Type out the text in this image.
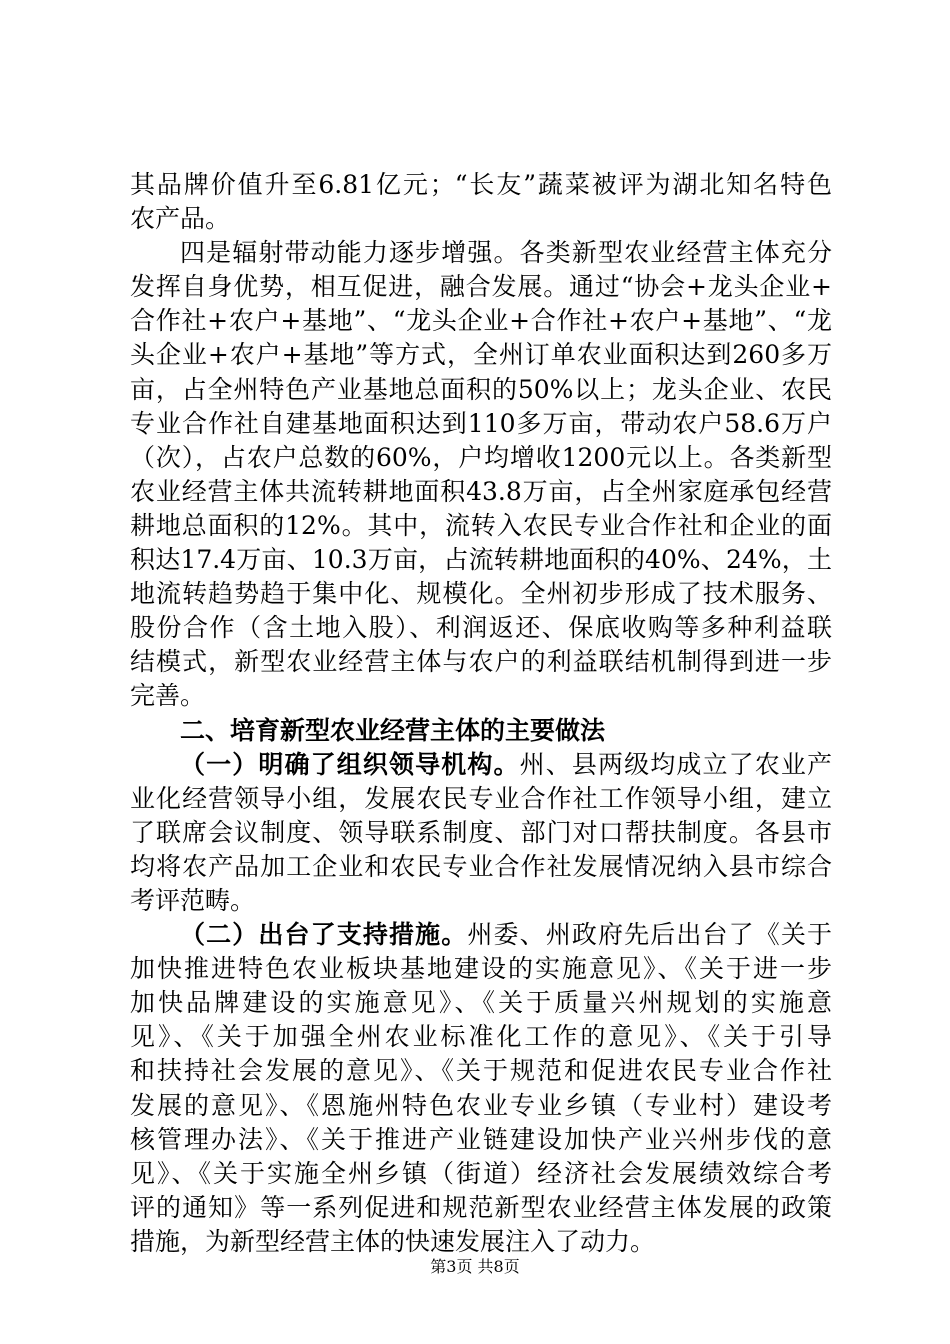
其品牌价值升至6.81亿元；“长友”蔬菜被评为湖北知名特色
农产品。
四是辐射带动能力逐步增强。各类新型农业经营主体充分
发挥自身优势，相互促进，融合发展。通过“协会+龙头企业+
合作社+农户+基地”、“龙头企业+合作社+农户+基地”、“龙
头企业+农户+基地”等方式，全州订单农业面积达到260多万
亩，占全州特色产业基地总面积的50%以上；龙头企业、农民
专业合作社自建基地面积达到110多万亩，带动农户58.6万户
（次），占农户总数的60%，户均增收1200元以上。各类新型
农业经营主体共流转耕地面积43.8万亩，占全州家庭承包经营
耕地总面积的12%。其中，流转入农民专业合作社和企业的面
积达17.4万亩、10.3万亩，占流转耕地面积的40%、24%，土
地流转趋势趋于集中化、规模化。全州初步形成了技术服务、
股份合作（含土地入股）、利润返还、保底收购等多种利益联
结模式，新型农业经营主体与农户的利益联结机制得到进一步
完善。
二、培育新型农业经营主体的主要做法
（一）明确了组织领导机构。州、县两级均成立了农业产
业化经营领导小组，发展农民专业合作社工作领导小组，建立
了联席会议制度、领导联系制度、部门对口帮扶制度。各县市
均将农产品加工企业和农民专业合作社发展情况纳入县市综合
考评范畴。
（二）出台了支持措施。州委、州政府先后出台了《关于
加快推进特色农业板块基地建设的实施意见》、《关于进一步
加快品牌建设的实施意见》、《关于质量兴州规划的实施意
见》、《关于加强全州农业标准化工作的意见》、《关于引导
和扶持社会发展的意见》、《关于规范和促进农民专业合作社
发展的意见》、《恩施州特色农业专业乡镇（专业村）建设考
核管理办法》、《关于推进产业链建设加快产业兴州步伐的意
见》、《关于实施全州乡镇（街道）经济社会发展绩效综合考
评的通知》等一系列促进和规范新型农业经营主体发展的政策
措施，为新型经营主体的快速发展注入了动力。
第3页 共8页
